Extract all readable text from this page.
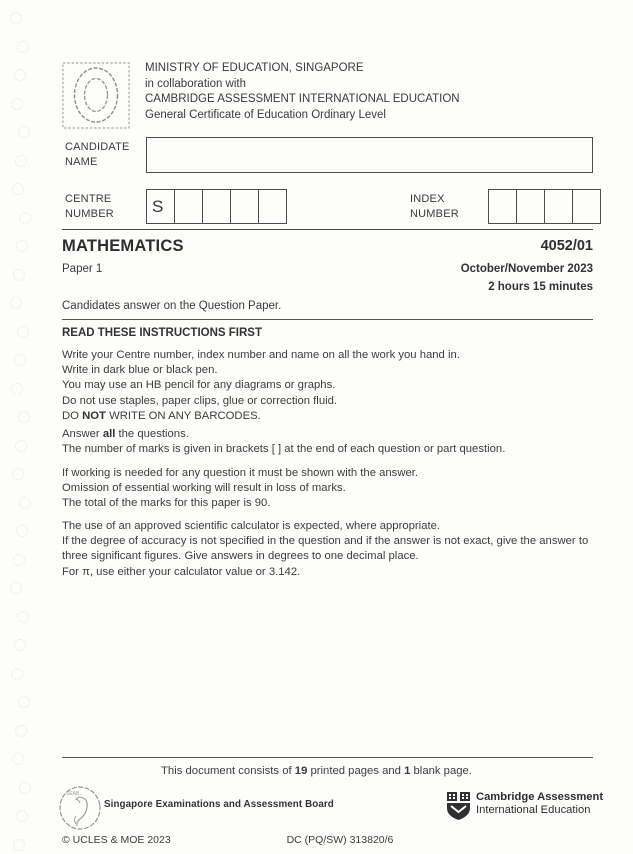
MINISTRY OF EDUCATION, SINGAPORE
in collaboration with
CAMBRIDGE ASSESSMENT INTERNATIONAL EDUCATION
General Certificate of Education Ordinary Level
CANDIDATE
NAME
CENTRE
NUMBER S	INDEX
NUMBER
MATHEMATICS	4052/01
Paper 1	October/November 2023
2 hours 15 minutes
Candidates answer on the Question Paper.
READ THESE INSTRUCTIONS FIRST
Write your Centre number, index number and name on all the work you hand in.
Write in dark blue or black pen.
You may use an HB pencil for any diagrams or graphs.
Do not use staples, paper clips, glue or correction fluid.
DO NOT WRITE ON ANY BARCODES.
Answer all the questions.
The number of marks is given in brackets [ ] at the end of each question or part question.
If working is needed for any question it must be shown with the answer.
Omission of essential working will result in loss of marks.
The total of the marks for this paper is 90.
The use of an approved scientific calculator is expected, where appropriate.
If the degree of accuracy is not specified in the question and if the answer is not exact, give the answer to
three significant figures. Give answers in degrees to one decimal place.
For π, use either your calculator value or 3.142.
This document consists of 19 printed pages and 1 blank page.
SEAB
Singapore Examinations and Assessment Board
Cambridge Assessment
International Education
© UCLES & MOE 2023	DC (PQ/SW) 313820/6
